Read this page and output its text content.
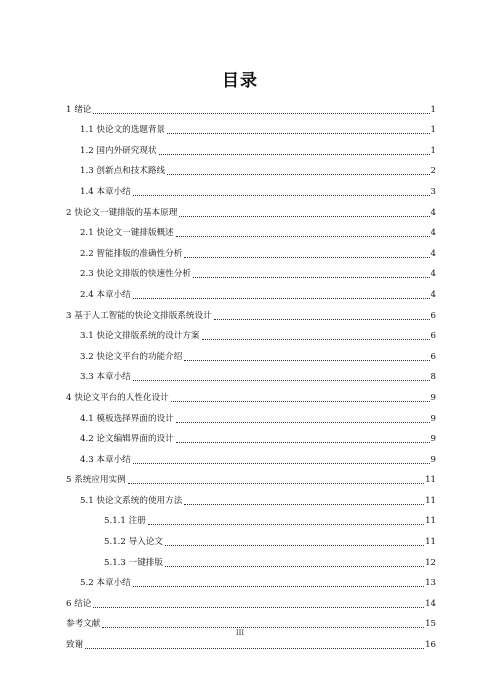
目录
1 绪论	1
1.1 快论文的选题背景	1
1.2 国内外研究现状	1
1.3 创新点和技术路线	2
1.4 本章小结	3
2 快论文一键排版的基本原理	4
2.1 快论文一键排版概述	4
2.2 智能排版的准确性分析	4
2.3 快论文排版的快速性分析	4
2.4 本章小结	4
3 基于人工智能的快论文排版系统设计	6
3.1 快论文排版系统的设计方案	6
3.2 快论文平台的功能介绍	6
3.3 本章小结	8
4 快论文平台的人性化设计	9
4.1 模板选择界面的设计	9
4.2 论文编辑界面的设计	9
4.3 本章小结	9
5 系统应用实例	11
5.1 快论文系统的使用方法	11
5.1.1 注册	11
5.1.2 导入论文	11
5.1.3 一键排版	12
5.2 本章小结	13
6 结论	14
参考文献	15
致谢	16
III
